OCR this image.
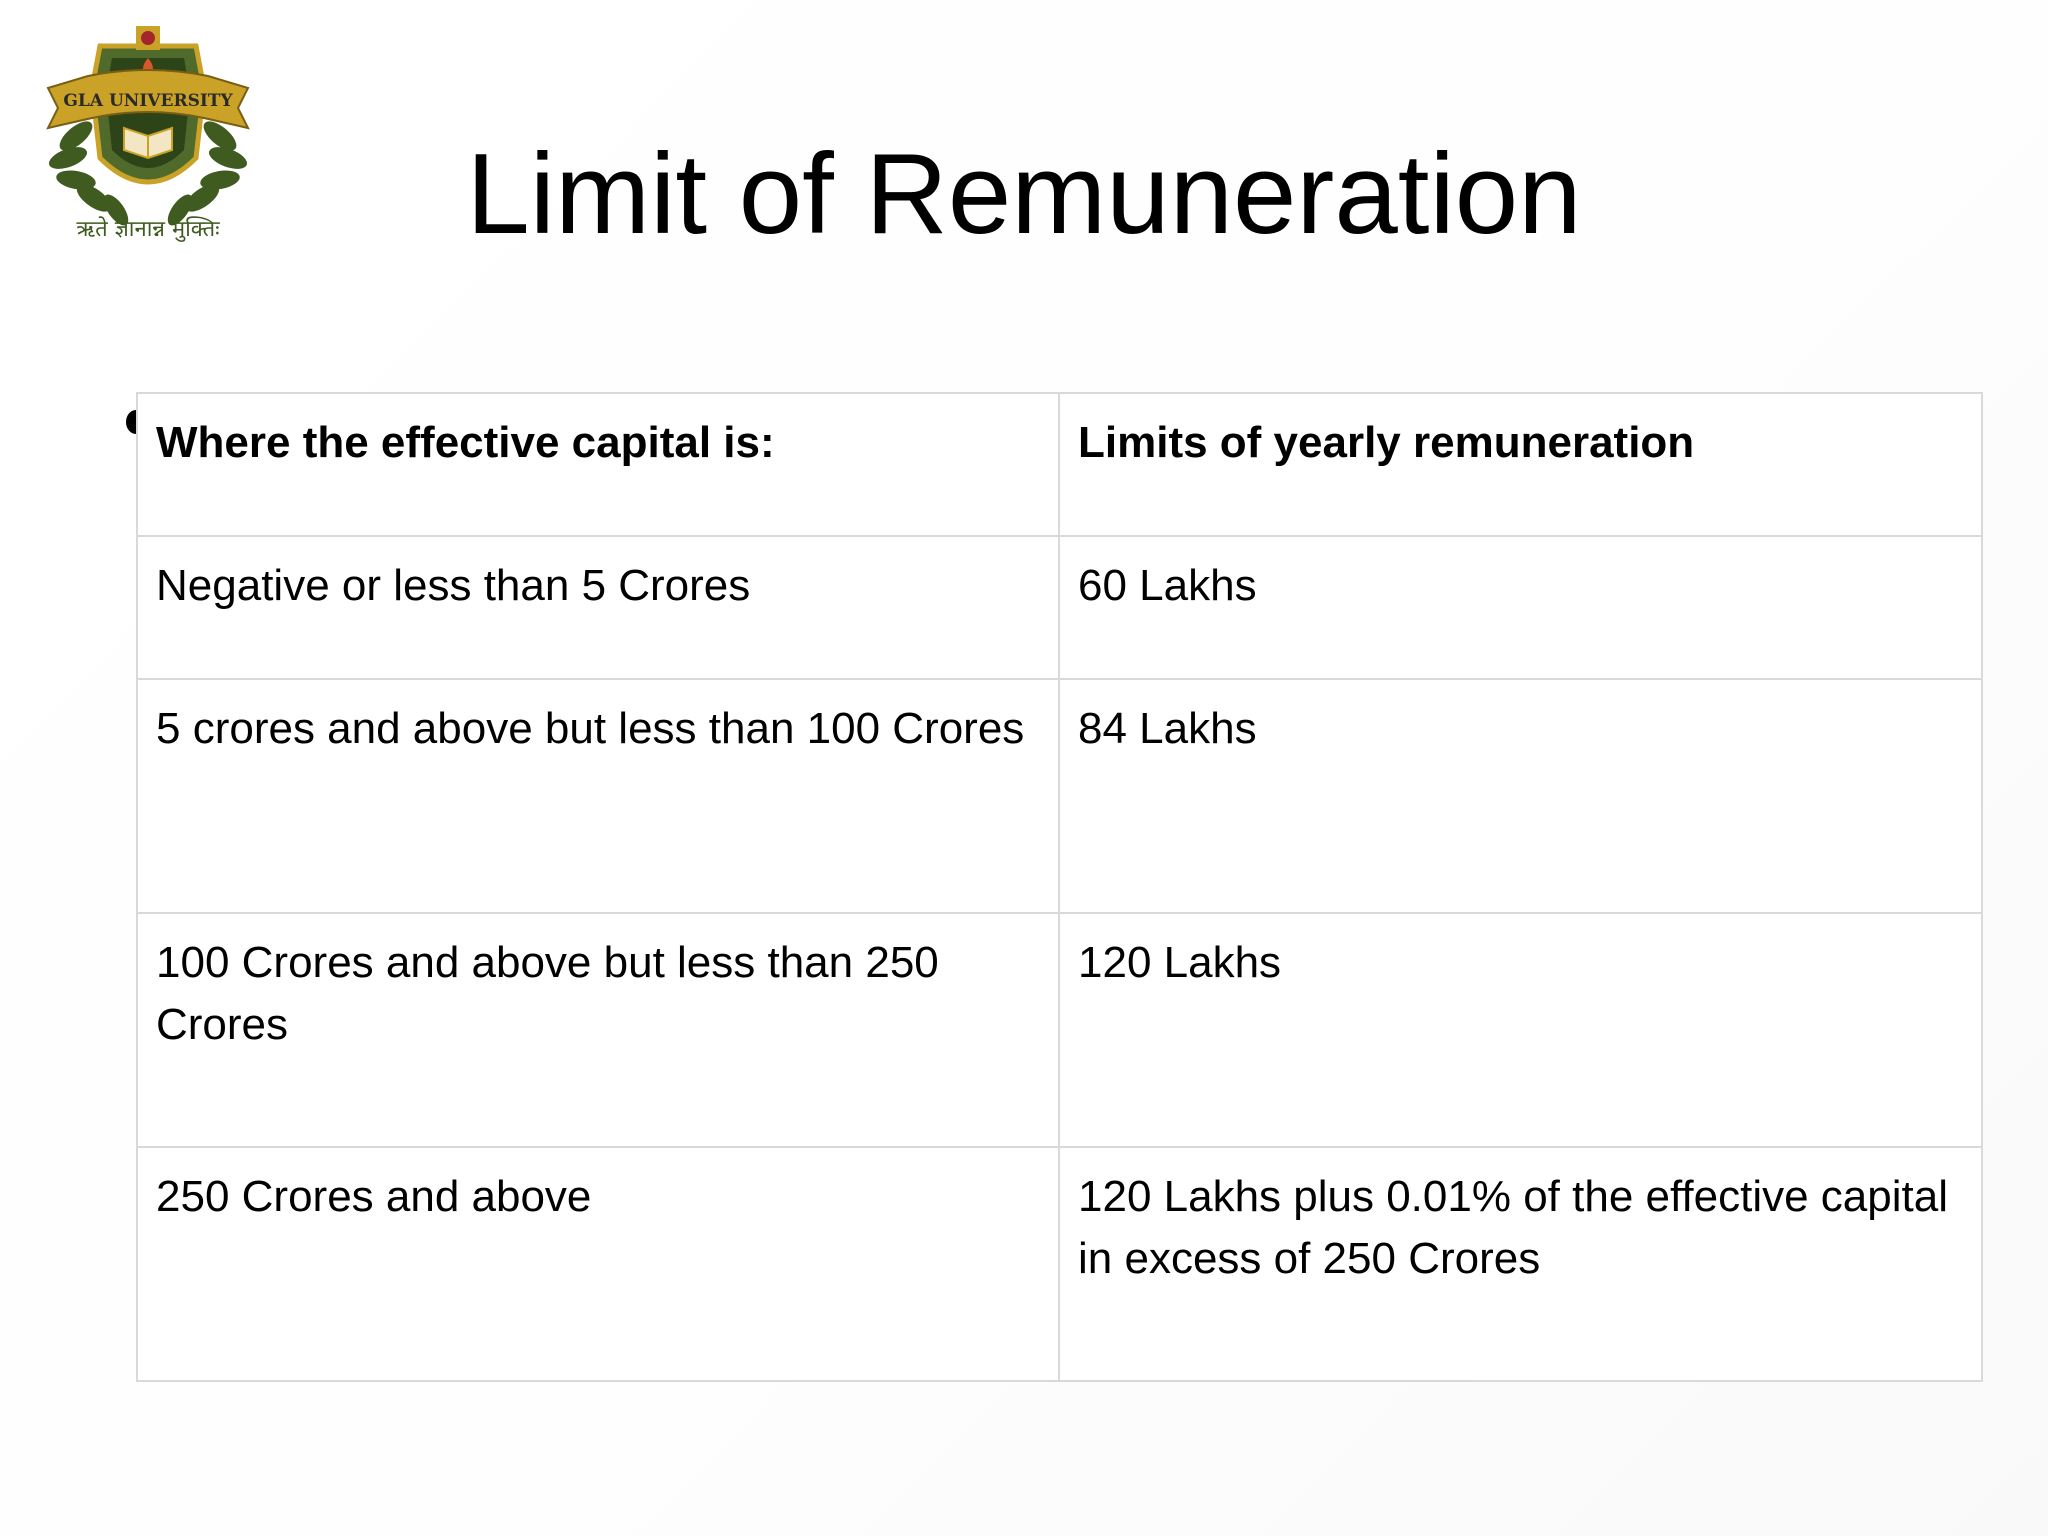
GLA UNIVERSITY
ऋते ज्ञानान्न मुक्तिः	Limit of Remuneration
Where the effective capital is:	Limits of yearly remuneration
Negative or less than 5 Crores	60 Lakhs
5 crores and above but less than 100 Crores	84 Lakhs
100 Crores and above but less than 250 Crores	120 Lakhs
250 Crores and above	120 Lakhs plus 0.01% of the effective capital in excess of 250 Crores
